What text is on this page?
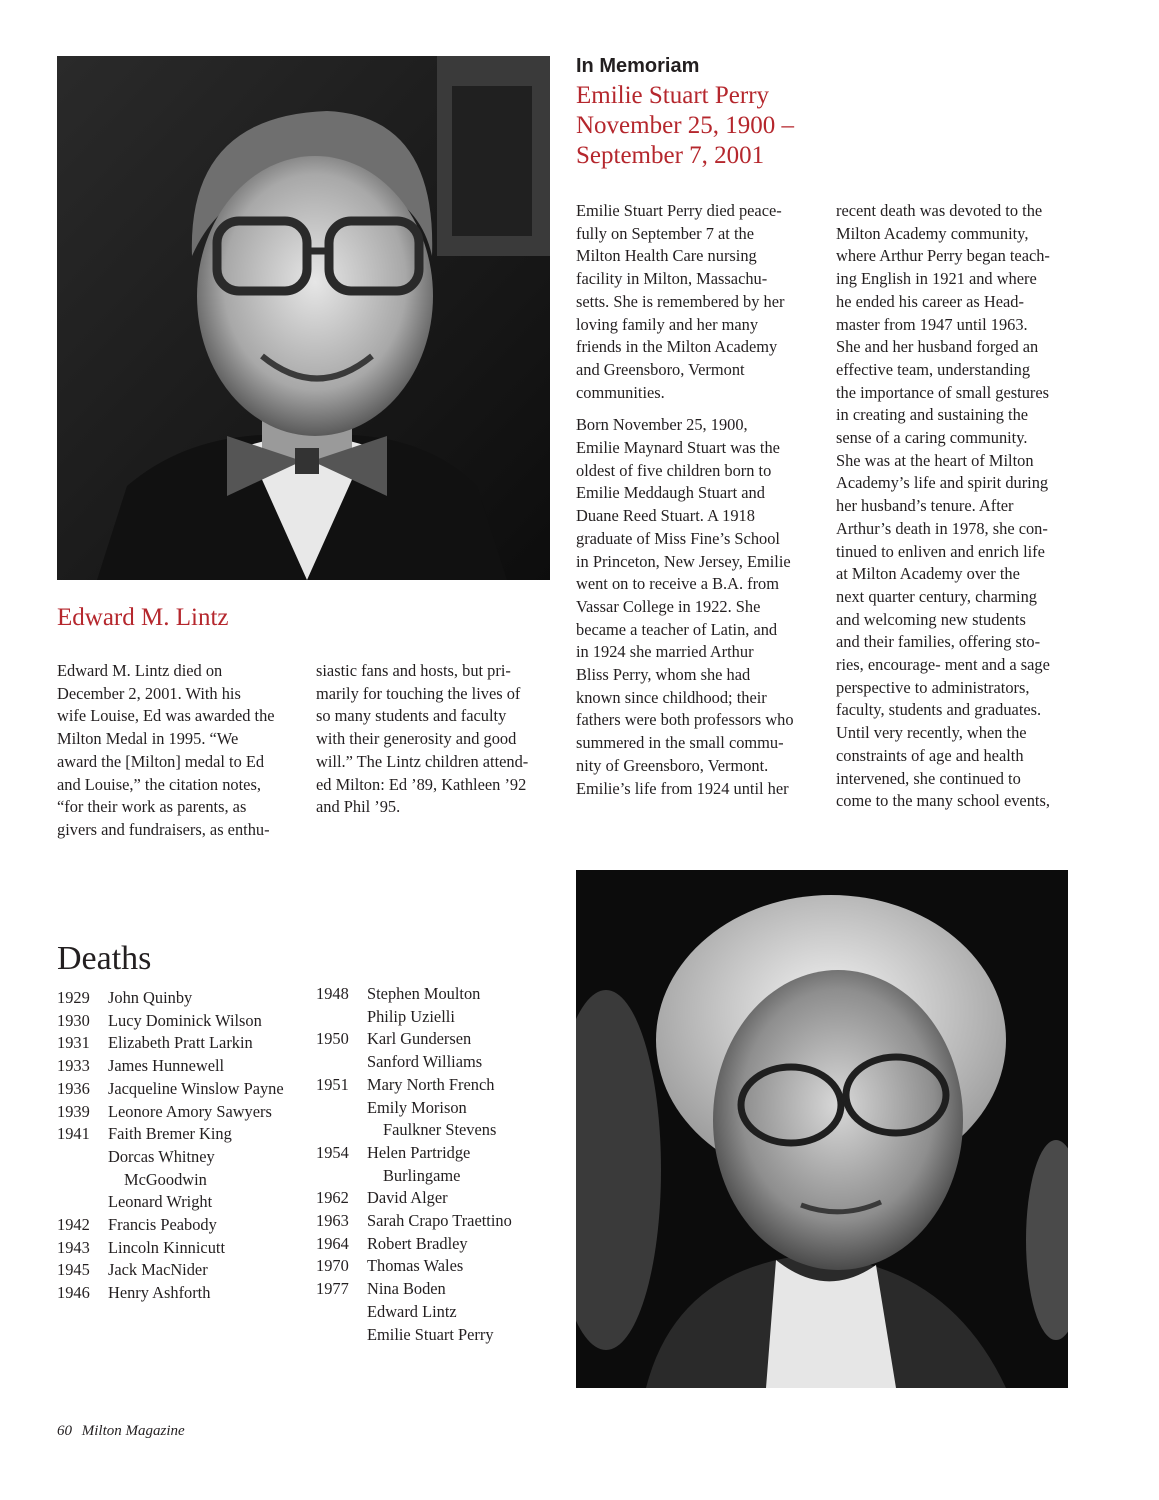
Edward M. Lintz
Edward M. Lintz died on
December 2, 2001. With his
wife Louise, Ed was awarded the
Milton Medal in 1995. “We
award the [Milton] medal to Ed
and Louise,” the citation notes,
“for their work as parents, as
givers and fundraisers, as enthu-
siastic fans and hosts, but pri-
marily for touching the lives of
so many students and faculty
with their generosity and good
will.” The Lintz children attend-
ed Milton: Ed ’89, Kathleen ’92
and Phil ’95.

In Memoriam

Emilie Stuart Perry

November 25, 1900 –

September 7, 2001

Emilie Stuart Perry died peace-
fully on September 7 at the
Milton Health Care nursing
facility in Milton, Massachu-
setts. She is remembered by her
loving family and her many
friends in the Milton Academy
and Greensboro, Vermont
communities.

Born November 25, 1900,
Emilie Maynard Stuart was the
oldest of five children born to
Emilie Meddaugh Stuart and
Duane Reed Stuart. A 1918
graduate of Miss Fine’s School
in Princeton, New Jersey, Emilie
went on to receive a B.A. from
Vassar College in 1922. She
became a teacher of Latin, and
in 1924 she married Arthur
Bliss Perry, whom she had
known since childhood; their
fathers were both professors who
summered in the small commu-
nity of Greensboro, Vermont.
Emilie’s life from 1924 until her

recent death was devoted to the
Milton Academy community,
where Arthur Perry began teach-
ing English in 1921 and where
he ended his career as Head-
master from 1947 until 1963.
She and her husband forged an
effective team, understanding
the importance of small gestures
in creating and sustaining the
sense of a caring community.
She was at the heart of Milton
Academy’s life and spirit during
her husband’s tenure. After
Arthur’s death in 1978, she con-
tinued to enliven and enrich life
at Milton Academy over the
next quarter century, charming
and welcoming new students
and their families, offering sto-
ries, encourage- ment and a sage
perspective to administrators,
faculty, students and graduates.
Until very recently, when the
constraints of age and health
intervened, she continued to
come to the many school events,
Deaths
1929	John Quinby
1930	Lucy Dominick Wilson
1931	Elizabeth Pratt Larkin
1933	James Hunnewell
1936	Jacqueline Winslow Payne
1939	Leonore Amory Sawyers
1941	Faith Bremer King
Dorcas Whitney
McGoodwin
Leonard Wright
1942	Francis Peabody
1943	Lincoln Kinnicutt
1945	Jack MacNider
1946	Henry Ashforth
1948	Stephen Moulton
Philip Uzielli
1950	Karl Gundersen
Sanford Williams
1951	Mary North French
Emily Morison
Faulkner Stevens
1954	Helen Partridge
Burlingame
1962	David Alger
1963	Sarah Crapo Traettino
1964	Robert Bradley
1970	Thomas Wales
1977	Nina Boden
Edward Lintz
Emilie Stuart Perry
60 Milton Magazine
